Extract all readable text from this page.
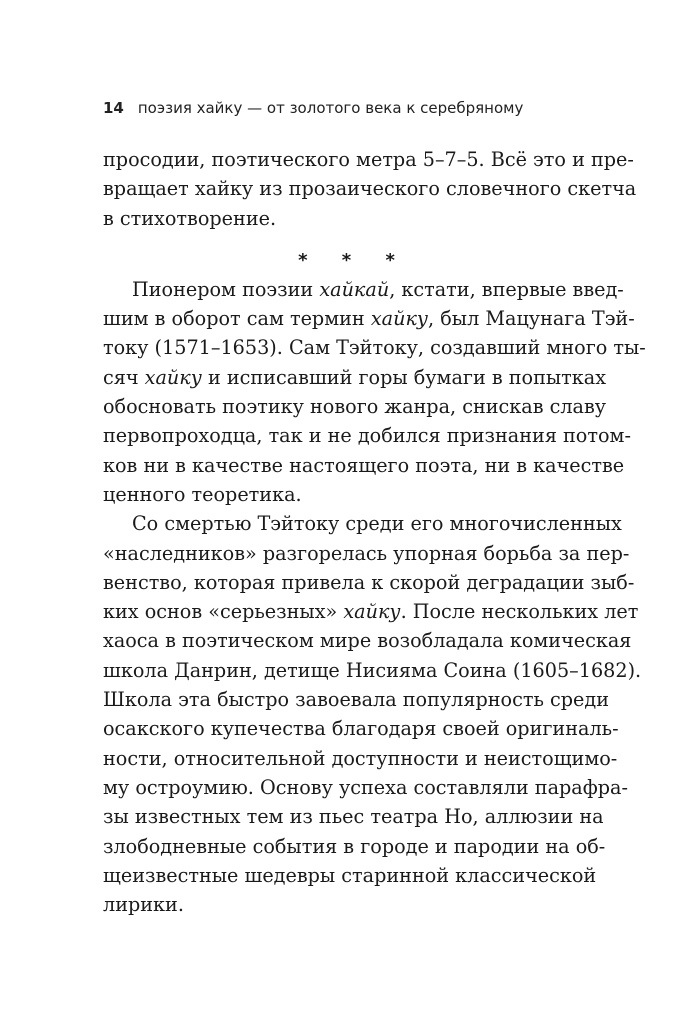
14 поэзия хайку — от золотого века к серебряному

просодии, поэтического метра 5–7–5. Всё это и пре-
вращает хайку из прозаического словечного скетча
в стихотворение.

* * *

Пионером поэзии хайкай, кстати, впервые введ-
шим в оборот сам термин хайку, был Мацунага Тэй-
току (1571–1653). Сам Тэйтоку, создавший много ты-
сяч хайку и исписавший горы бумаги в попытках
обосновать поэтику нового жанра, снискав славу
первопроходца, так и не добился признания потом-
ков ни в качестве настоящего поэта, ни в качестве
ценного теоретика.

Со смертью Тэйтоку среди его многочисленных
«наследников» разгорелась упорная борьба за пер-
венство, которая привела к скорой деградации зыб-
ких основ «серьезных» хайку. После нескольких лет
хаоса в поэтическом мире возобладала комическая
школа Данрин, детище Нисияма Соина (1605–1682).
Школа эта быстро завоевала популярность среди
осакского купечества благодаря своей оригиналь-
ности, относительной доступности и неистощимо-
му остроумию. Основу успеха составляли парафра-
зы известных тем из пьес театра Но, аллюзии на
злободневные события в городе и пародии на об-
щеизвестные шедевры старинной классической
лирики.
